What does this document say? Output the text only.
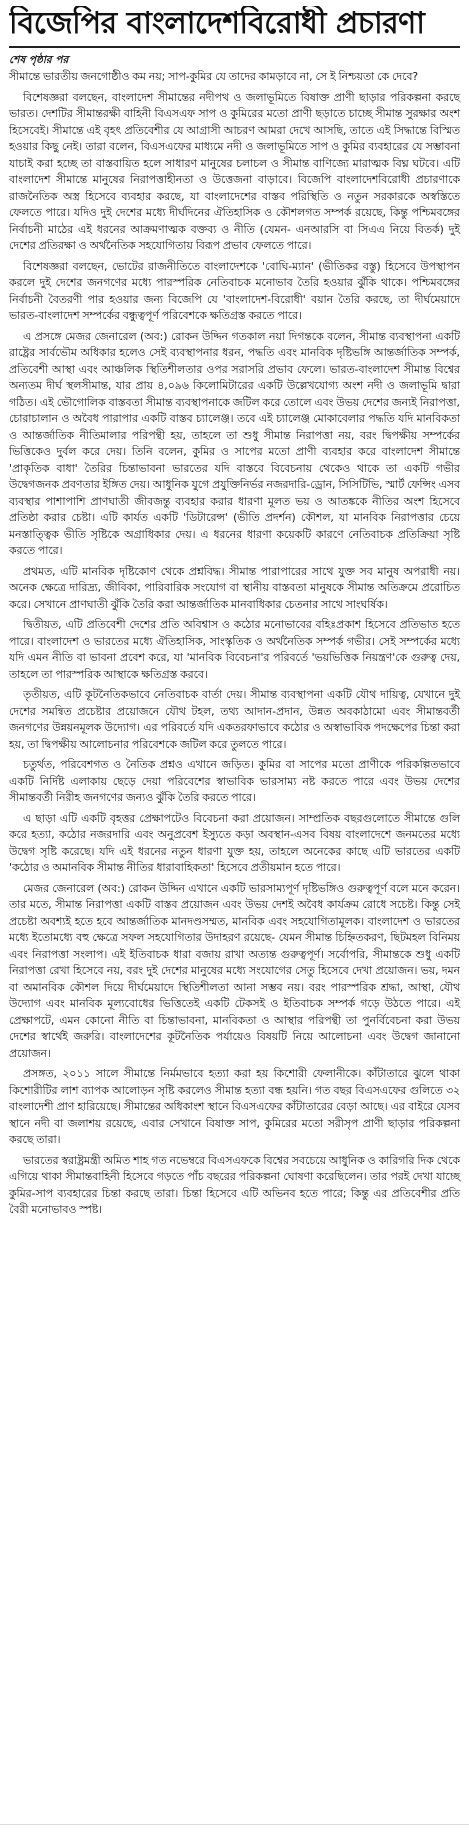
বিজেপির বাংলাদেশবিরোধী প্রচারণা
শেষ পৃষ্ঠার পর

সীমান্তে ভারতীয় জনগোষ্ঠীও কম নয়; সাপ-কুমির যে তাদের কামড়াবে না, সে ই নিশ্চয়তা কে দেবে?

বিশেষজ্ঞরা বলছেন, বাংলাদেশ সীমান্তের নদীপথ ও জলাভূমিতে বিষাক্ত প্রাণী ছাড়ার পরিকল্পনা করছে ভারত। দেশটির সীমান্তরক্ষী বাহিনী বিএসএফ সাপ ও কুমিরের মতো প্রাণী ছড়াতে চাচ্ছে সীমান্ত সুরক্ষার অংশ হিসেবেই। সীমান্তে এই বৃহৎ প্রতিবেশীর যে আগ্রাসী আচরণ আমরা দেখে আসছি, তাতে এই সিদ্ধান্তে বিস্মিত হওয়ার কিছু নেই। তারা বলেন, বিএসএফের মাধ্যমে নদী ও জলাভূমিতে সাপ ও কুমির ব্যবহারের যে সম্ভাবনা যাচাই করা হচ্ছে তা বাস্তবায়িত হলে সাধারণ মানুষের চলাচল ও সীমান্ত বাণিজ্যে মারাত্মক বিঘ্ন ঘটবে। এটি বাংলাদেশ সীমান্তে মানুষের নিরাপত্তাহীনতা ও উত্তেজনা বাড়াবে। বিজেপি বাংলাদেশবিরোধী প্রচারণাকে রাজনৈতিক অস্ত্র হিসেবে ব্যবহার করছে, যা বাংলাদেশের বাস্তব পরিস্থিতি ও নতুন সরকারকে অস্বস্তিতে ফেলতে পারে। যদিও দুই দেশের মধ্যে দীর্ঘদিনের ঐতিহাসিক ও কৌশলগত সম্পর্ক রয়েছে, কিন্তু পশ্চিমবঙ্গের নির্বাচনী মাঠের এই ধরনের আক্রমণাত্মক বক্তব্য ও নীতি (যেমন- এনআরসি বা সিএএ নিয়ে বিতর্ক) দুই দেশের প্রতিরক্ষা ও অর্থনৈতিক সহযোগিতায় বিরূপ প্রভাব ফেলতে পারে।

বিশেষজ্ঞরা বলছেন, ভোটের রাজনীতিতে বাংলাদেশকে 'বোঘি-ম্যান' (ভীতিকর বস্তু) হিসেবে উপস্থাপন করলে দুই দেশের জনগণের মধ্যে পারস্পরিক নেতিবাচক মনোভাব তৈরি হওয়ার ঝুঁকি থাকে। পশ্চিমবঙ্গের নির্বাচনী বৈতরণী পার হওয়ার জন্য বিজেপি যে 'বাংলাদেশ-বিরোধী' বয়ান তৈরি করছে, তা দীর্ঘমেয়াদে ভারত-বাংলাদেশ সম্পর্কের বন্ধুত্বপূর্ণ পরিবেশকে ক্ষতিগ্রস্ত করতে পারে।

এ প্রসঙ্গে মেজর জেনারেল (অব:) রোকন উদ্দিন গতকাল নয়া দিগন্তকে বলেন, সীমান্ত ব্যবস্থাপনা একটি রাষ্ট্রের সার্বভৌম অধিকার হলেও সেই ব্যবস্থাপনার ধরন, পদ্ধতি এবং মানবিক দৃষ্টিভঙ্গি আন্তর্জাতিক সম্পর্ক, প্রতিবেশী আস্থা এবং আঞ্চলিক স্থিতিশীলতার ওপর সরাসরি প্রভাব ফেলে। ভারত-বাংলাদেশ সীমান্ত বিশ্বের অন্যতম দীর্ঘ স্থলসীমান্ত, যার প্রায় ৪,০৯৬ কিলোমিটারের একটি উল্লেখযোগ্য অংশ নদী ও জলাভূমি দ্বারা গঠিত। এই ভৌগোলিক বাস্তবতা সীমান্ত ব্যবস্থাপনাকে জটিল করে তোলে এবং উভয় দেশের জন্যই নিরাপত্তা, চোরাচালান ও অবৈধ পারাপার একটি বাস্তব চ্যালেঞ্জ। তবে এই চ্যালেঞ্জ মোকাবেলার পদ্ধতি যদি মানবিকতা ও আন্তর্জাতিক নীতিমালার পরিপন্থী হয়, তাহলে তা শুধু সীমান্ত নিরাপত্তা নয়, বরং দ্বিপক্ষীয় সম্পর্কের ভিত্তিকেও দুর্বল করে দেয়। তিনি বলেন, কুমির ও সাপের মতো প্রাণী ব্যবহার করে বাংলাদেশ সীমান্তে 'প্রাকৃতিক বাধা' তৈরির চিন্তাভাবনা ভারতের যদি বাস্তবে বিবেচনায় থেকেও থাকে তা একটি গভীর উদ্বেগজনক প্রবণতার ইঙ্গিত দেয়। আধুনিক যুগে প্রযুক্তিনির্ভর নজরদারি-ড্রোন, সিসিটিভি, স্মার্ট ফেন্সিং এসব ব্যবস্থার পাশাপাশি প্রাণঘাতী জীবজন্তু ব্যবহার করার ধারণা মূলত ভয় ও আতঙ্ককে নীতির অংশ হিসেবে প্রতিষ্ঠা করার চেষ্টা। এটি কার্যত একটি 'ডিটারেন্স' (ভীতি প্রদর্শন) কৌশল, যা মানবিক নিরাপত্তার চেয়ে মনস্তাত্ত্বিক ভীতি সৃষ্টিকে অগ্রাধিকার দেয়। এ ধরনের ধারণা কয়েকটি কারণে নেতিবাচক প্রতিক্রিয়া সৃষ্টি করতে পারে।

প্রথমত, এটি মানবিক দৃষ্টিকোণ থেকে প্রশ্নবিদ্ধ। সীমান্ত পারাপারের সাথে যুক্ত সব মানুষ অপরাধী নয়। অনেক ক্ষেত্রে দারিদ্র্য, জীবিকা, পারিবারিক সংযোগ বা স্থানীয় বাস্তবতা মানুষকে সীমান্ত অতিক্রমে প্ররোচিত করে। সেখানে প্রাণঘাতী ঝুঁকি তৈরি করা আন্তর্জাতিক মানবাধিকার চেতনার সাথে সাংঘর্ষিক।

দ্বিতীয়ত, এটি প্রতিবেশী দেশের প্রতি অবিশ্বাস ও কঠোর মনোভাবের বহিঃপ্রকাশ হিসেবে প্রতিভাত হতে পারে। বাংলাদেশ ও ভারতের মধ্যে ঐতিহাসিক, সাংস্কৃতিক ও অর্থনৈতিক সম্পর্ক গভীর। সেই সম্পর্কের মধ্যে যদি এমন নীতি বা ভাবনা প্রবেশ করে, যা 'মানবিক বিবেচনা'র পরিবর্তে 'ভয়ভিত্তিক নিয়ন্ত্রণ'কে গুরুত্ব দেয়, তাহলে তা পারস্পরিক আস্থাকে ক্ষতিগ্রস্ত করবে।

তৃতীয়ত, এটি কূটনৈতিকভাবে নেতিবাচক বার্তা দেয়। সীমান্ত ব্যবস্থাপনা একটি যৌথ দায়িত্ব, যেখানে দুই দেশের সমন্বিত প্রচেষ্টার প্রয়োজনে যৌথ টহল, তথ্য আদান-প্রদান, উন্নত অবকাঠামো এবং সীমান্তবর্তী জনগণের উন্নয়নমূলক উদ্যোগ। এর পরিবর্তে যদি একতরফাভাবে কঠোর ও অস্বাভাবিক পদক্ষেপের চিন্তা করা হয়, তা দ্বিপক্ষীয় আলোচনার পরিবেশকে জটিল করে তুলতে পারে।

চতুর্থত, পরিবেশগত ও নৈতিক প্রশ্নও এখানে জড়িত। কুমির বা সাপের মতো প্রাণীকে পরিকল্পিতভাবে একটি নির্দিষ্ট এলাকায় ছেড়ে দেয়া পরিবেশের স্বাভাবিক ভারসাম্য নষ্ট করতে পারে এবং উভয় দেশের সীমান্তবর্তী নিরীহ জনগণের জন্যও ঝুঁকি তৈরি করতে পারে।

এ ছাড়া এটি একটি বৃহত্তর প্রেক্ষাপটেও বিবেচনা করা প্রয়োজন। সাম্প্রতিক বছরগুলোতে সীমান্তে গুলি করে হত্যা, কঠোর নজরদারি এবং অনুপ্রবেশ ইস্যুতে কড়া অবস্থান-এসব বিষয় বাংলাদেশে জনমতের মধ্যে উদ্বেগ সৃষ্টি করেছে। যদি এই ধরনের নতুন ধারণা যুক্ত হয়, তাহলে অনেকের কাছে এটি ভারতের একটি 'কঠোর ও অমানবিক সীমান্ত নীতির ধারাবাহিকতা' হিসেবে প্রতীয়মান হতে পারে।

মেজর জেনারেল (অব:) রোকন উদ্দিন এখানে একটি ভারসাম্যপূর্ণ দৃষ্টিভঙ্গিও গুরুত্বপূর্ণ বলে মনে করেন। তার মতে, সীমান্ত নিরাপত্তা একটি বাস্তব প্রয়োজন এবং উভয় দেশই অবৈধ কার্যক্রম রোধে সচেষ্ট। কিন্তু সেই প্রচেষ্টা অবশ্যই হতে হবে আন্তর্জাতিক মানদণ্ডসম্মত, মানবিক এবং সহযোগিতামূলক। বাংলাদেশ ও ভারতের মধ্যে ইতোমধ্যে বহু ক্ষেত্রে সফল সহযোগিতার উদাহরণ রয়েছে- যেমন সীমান্ত চিহ্নিতকরণ, ছিটমহল বিনিময় এবং নিরাপত্তা সংলাপ। এই ইতিবাচক ধারা বজায় রাখা অত্যন্ত গুরুত্বপূর্ণ। সর্বোপরি, সীমান্তকে শুধু একটি নিরাপত্তা রেখা হিসেবে নয়, বরং দুই দেশের মানুষের মধ্যে সংযোগের সেতু হিসেবে দেখা প্রয়োজন। ভয়, দমন বা অমানবিক কৌশল দিয়ে দীর্ঘমেয়াদে স্থিতিশীলতা আনা সম্ভব নয়। বরং পারস্পরিক শ্রদ্ধা, আস্থা, যৌথ উদ্যোগ এবং মানবিক মূল্যবোধের ভিত্তিতেই একটি টেকসই ও ইতিবাচক সম্পর্ক গড়ে উঠতে পারে। এই প্রেক্ষাপটে, এমন কোনো নীতি বা চিন্তাভাবনা, মানবিকতা ও আস্থার পরিপন্থী তা পুনর্বিবেচনা করা উভয় দেশের স্বার্থেই জরুরি। বাংলাদেশের কূটনৈতিক পর্যায়েও বিষয়টি নিয়ে আলোচনা এবং উদ্বেগ জানানো প্রয়োজন।

প্রসঙ্গত, ২০১১ সালে সীমান্তে নির্মমভাবে হত্যা করা হয় কিশোরী ফেলানীকে। কাঁটাতারে ঝুলে থাকা কিশোরীটির লাশ ব্যাপক আলোড়ন সৃষ্টি করলেও সীমান্ত হত্যা বন্ধ হয়নি। গত বছর বিএসএফের গুলিতে ৩২ বাংলাদেশী প্রাণ হারিয়েছে। সীমান্তের অধিকাংশ স্থানে বিএসএফের কাঁটাতারের বেড়া আছে। এর বাইরে যেসব স্থানে নদী বা জলাশয় রয়েছে, এবার সেখানে বিষাক্ত সাপ, কুমিরের মতো সরীসৃপ প্রাণী ছাড়ার পরিকল্পনা করছে তারা।

ভারতের স্বরাষ্ট্রমন্ত্রী অমিত শাহ গত নভেম্বরে বিএসএফকে বিশ্বের সবচেয়ে আধুনিক ও কারিগরি দিক থেকে এগিয়ে থাকা সীমান্তবাহিনী হিসেবে গড়তে পাঁচ বছরের পরিকল্পনা ঘোষণা করেছিলেন। তার পরই দেখা যাচ্ছে কুমির-সাপ ব্যবহারের চিন্তা করছে তারা। চিন্তা হিসেবে এটি অভিনব হতে পারে; কিন্তু এর প্রতিবেশীর প্রতি বৈরী মনোভাবও স্পষ্ট।
